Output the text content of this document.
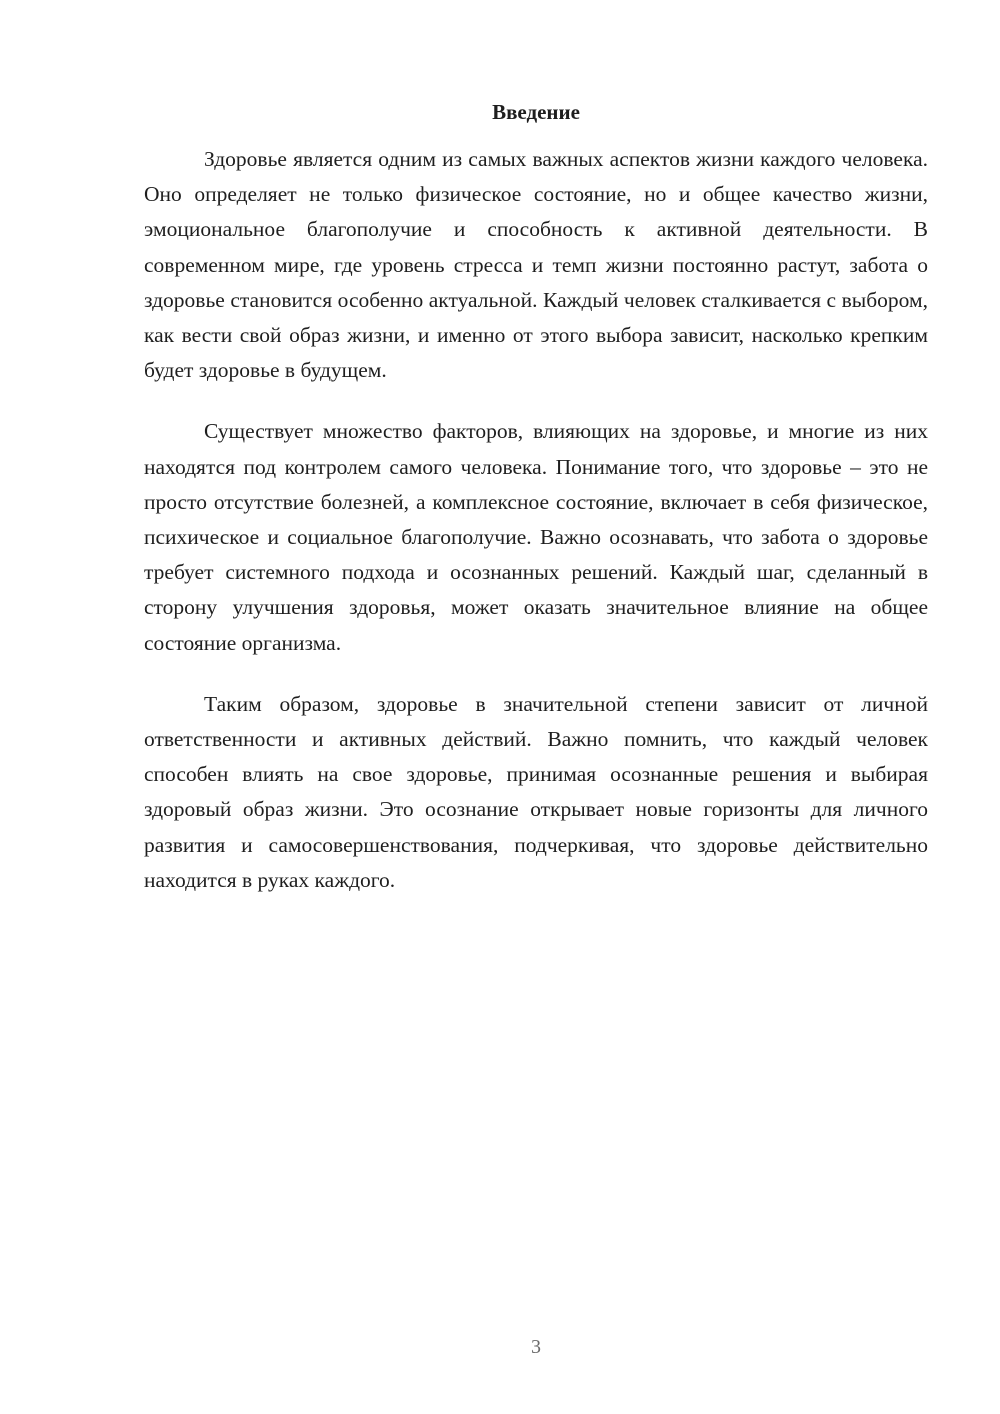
Введение

Здоровье является одним из самых важных аспектов жизни каждого человека. Оно определяет не только физическое состояние, но и общее качество жизни, эмоциональное благополучие и способность к активной деятельности. В современном мире, где уровень стресса и темп жизни постоянно растут, забота о здоровье становится особенно актуальной. Каждый человек сталкивается с выбором, как вести свой образ жизни, и именно от этого выбора зависит, насколько крепким будет здоровье в будущем.

Существует множество факторов, влияющих на здоровье, и многие из них находятся под контролем самого человека. Понимание того, что здоровье – это не просто отсутствие болезней, а комплексное состояние, включает в себя физическое, психическое и социальное благополучие. Важно осознавать, что забота о здоровье требует системного подхода и осознанных решений. Каждый шаг, сделанный в сторону улучшения здоровья, может оказать значительное влияние на общее состояние организма.

Таким образом, здоровье в значительной степени зависит от личной ответственности и активных действий. Важно помнить, что каждый человек способен влиять на свое здоровье, принимая осознанные решения и выбирая здоровый образ жизни. Это осознание открывает новые горизонты для личного развития и самосовершенствования, подчеркивая, что здоровье действительно находится в руках каждого.

3
